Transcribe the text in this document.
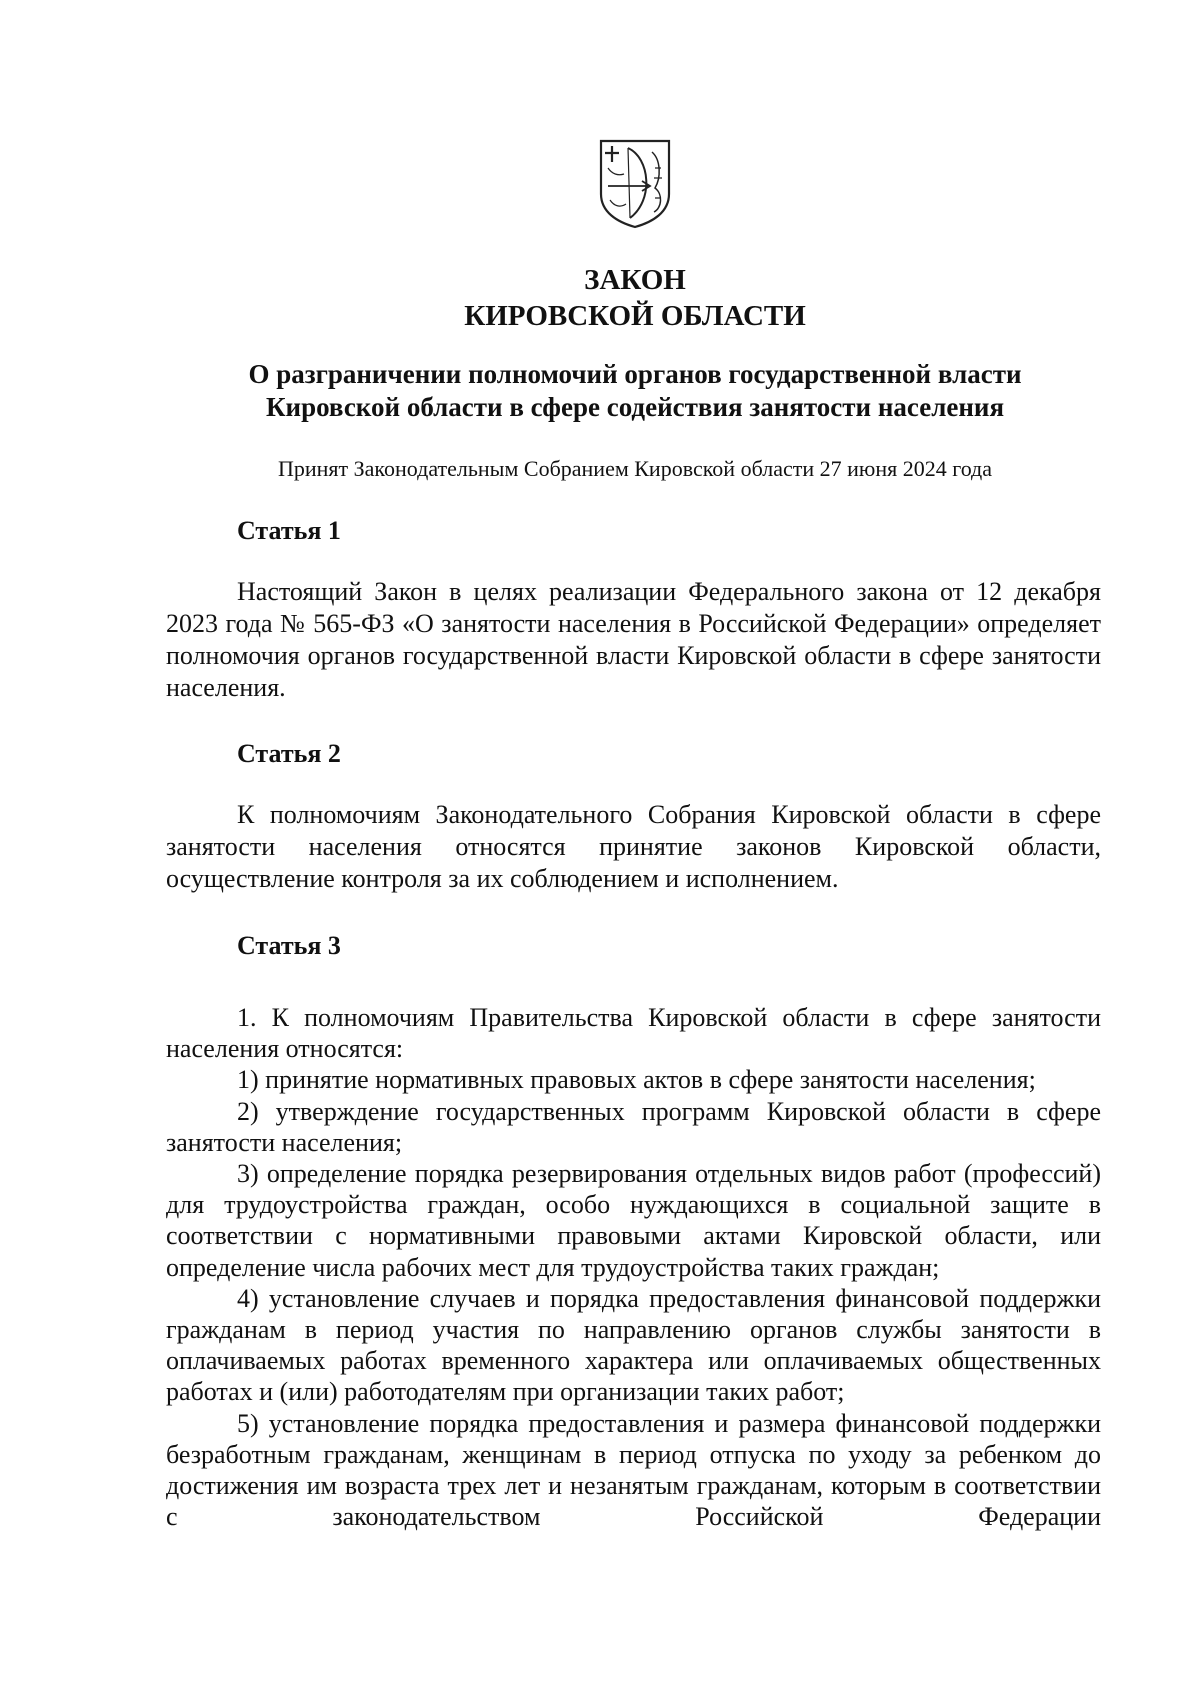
ЗАКОН
КИРОВСКОЙ ОБЛАСТИ
О разграничении полномочий органов государственной власти
Кировской области в сфере содействия занятости населения
Принят Законодательным Собранием Кировской области 27 июня 2024 года
Статья 1

Настоящий Закон в целях реализации Федерального закона от 12 декабря 2023 года № 565-ФЗ «О занятости населения в Российской Федерации» определяет полномочия органов государственной власти Кировской области в сфере занятости населения.

Статья 2

К полномочиям Законодательного Собрания Кировской области в сфере занятости населения относятся принятие законов Кировской области, осуществление контроля за их соблюдением и исполнением.

Статья 3

1. К полномочиям Правительства Кировской области в сфере занятости населения относятся:

1) принятие нормативных правовых актов в сфере занятости населения;

2) утверждение государственных программ Кировской области в сфере занятости населения;

3) определение порядка резервирования отдельных видов работ (профессий) для трудоустройства граждан, особо нуждающихся в социальной защите в соответствии с нормативными правовыми актами Кировской области, или определение числа рабочих мест для трудоустройства таких граждан;

4) установление случаев и порядка предоставления финансовой поддержки гражданам в период участия по направлению органов службы занятости в оплачиваемых работах временного характера или оплачиваемых общественных работах и (или) работодателям при организации таких работ;

5) установление порядка предоставления и размера финансовой поддержки безработным гражданам, женщинам в период отпуска по уходу за ребенком до достижения им возраста трех лет и незанятым гражданам, которым в соответствии с законодательством Российской Федерации
